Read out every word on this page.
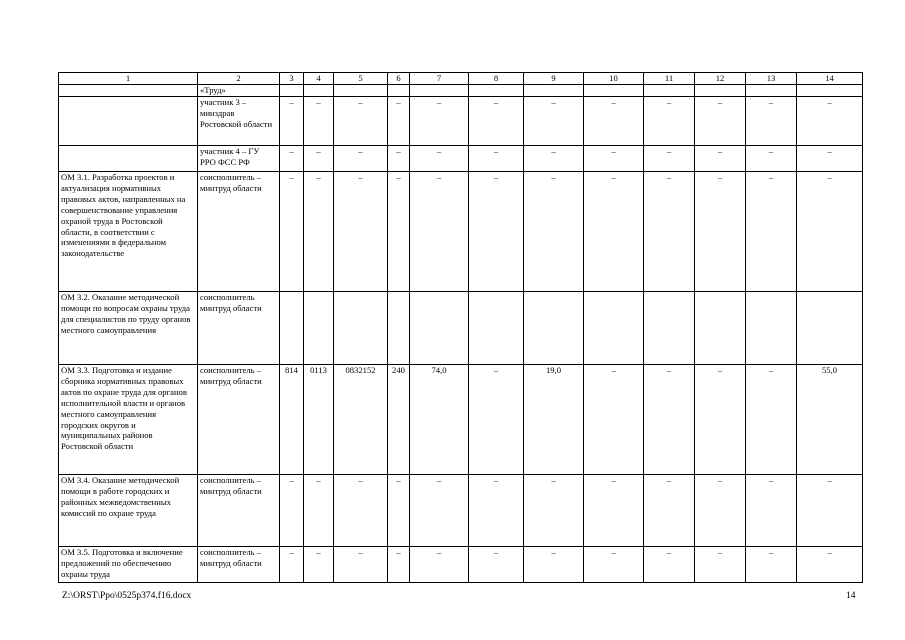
1	2	3	4	5	6	7	8	9	10	11	12	13	14
	«Труд»												
	участник 3 – минздрав Ростовской области	–	–	–	–	–	–	–	–	–	–	–	–
	участник 4 – ГУ РРО ФСС РФ	–	–	–	–	–	–	–	–	–	–	–	–
ОМ 3.1. Разработка проектов и актуализация нормативных правовых актов, направленных на совершенствование управления охраной труда в Ростовской области, в соответствии с изменениями в федеральном законодательстве	соисполнитель – минтруд области	–	–	–	–	–	–	–	–	–	–	–	–
ОМ 3.2. Оказание методической помощи по вопросам охраны труда для специалистов по труду органов местного самоуправления	соисполнитель минтруд области												
ОМ 3.3. Подготовка и издание сборника нормативных правовых актов по охране труда для органов исполнительной власти и органов местного самоуправления городских округов и муниципальных районов Ростовской области	соисполнитель – минтруд области	814	0113	0832152	240	74,0	–	19,0	–	–	–	–	55,0
ОМ 3.4. Оказание методической помощи в работе городских и районных межведомственных комиссий по охране труда	соисполнитель – минтруд области	–	–	–	–	–	–	–	–	–	–	–	–
ОМ 3.5. Подготовка и включение предложений по обеспечению охраны труда	соисполнитель – минтруд области	–	–	–	–	–	–	–	–	–	–	–	–
Z:\ORST\Ppo\0525p374.f16.docx	14
